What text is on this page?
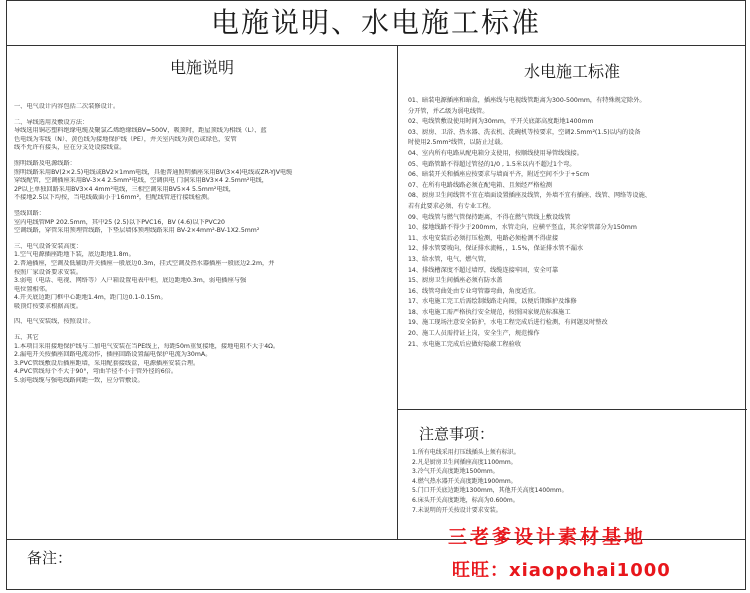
电施说明、水电施工标准
电施说明	水电施工标准
注意事项：
备注：
一、电气设计内容包括二次装修设计。
二、导线选用及敷设方法：
导线选用铜芯塑料绝缘电缆及聚氯乙烯绝缘线BV=500V，吸顶时，距屋顶线为相线（L）、蓝
色电线为零线（N）、黄色线为接地保护线（PE），并关室内线为黄色或绿色，安管
线不允许有接头，应在分支处设接线盒。
照明线路及电源线路：
照明线路采用BV(2×2.5)电线或BV2×1mm电线，具他普通照明插座采用BV(3×4)电线或ZR-YJV电缆
穿线配管，空调插座采用BV-3×4 2.5mm²电线，空调供电 门洞采用BV3×4 2.5mm²电线，
2P以上单独回路采用BV3×4 4mm²电线，三相空调采用BV5×4 5.5mm²电线，
不接地2.5以下均按，当电线截面小于16mm²，但配线管进行接线检测。
竖线回路：
室内电线管MP 202.5mm，其中25 (2.5)以下PVC16，BV (4.6)以下PVC20
空调线路，穿管采用预埋管线路，下垫层墙体预埋线路采用 BV-2×4mm²-BV-1X2.5mm²
三、电气设备安装高度：
1.空气电源插座距地下装，底边距地1.8m。
2.普通插座，空调及低辅助开关插座一般底边0.3m，挂式空调及热水器插座一般底边2.2m，并
按照厂家设备要求安装。
3.弱电（电话、电视、网络等）入户箱设置电表中柜，底边距地0.3m，弱电插座与强
电位置相邻。
4.开关底边距门框中心距地1.4m，距门边0.1-0.15m。
吸顶灯按要求根据高度。
四、电气安装线，按照设计。
五、其它
1.本项目采用接地保护线与二加电气安装在当PE线上，每距50m重复接地，接地电阻不大于4Ω。
2.漏电开关按插座回路电流动作，插座回路设置漏电保护电流为30mA。
3.PVC管线敷设后插座距墙，采用配套接线盒，电源插座安装合理。
4.PVC管线每个不大于90°，弯曲半径不小于管外径的6倍。
5.弱电线缆与强电线路间距一致，应分管敷设。
01、暗装电源插座和暗盒，插座线与电视线管距离为300-500mm，有特殊规定除外。
分开管，并乙级为弱电线管。
02、电线管敷设使用时间为30mm，平开关底部高度距地1400mm
03、厨房、卫浴、热水器、洗衣机、洗碗机等按要求，空调2.5mm²(1.5)以内的设备
时使用2.5mm²线管，以防止过载。
04、室内所有电路从配电箱分支使用，按顺线使用导管线线接。
05、电路管路不得超过管径的1/0 , 1.5米以内不超过1个弯。
06、暗装开关和插座应按要求与墙面平齐，附近空间不少于+5cm
07、在所有电路线路必须在配电箱、且须经严格检测
08、厨房卫生间线管不宜在墙面设置插座及线管，外墙不宜有插座、线管、网络等设施、
若有此要求必须、有专业工程。
09、电线管与燃气管保持距离，不得在燃气管线上敷设线管
10、接地线路不得少于200mm，水管走向，应横平竖直，其余穿管部分为150mm
11、水电安装后必须打压检测，电路必须检测不得虚接
12、排水管要坡向，保证排水流畅，，1.5%，保证排水管不漏水
13、给水管，电气，燃气管，
14、排线槽深度不超过墙厚，线缆连接牢固，安全可靠
15、厨房卫生间插座必须有防水盖
16、线管弯曲处由专业弯管器弯曲，角度适宜。
17、水电施工完工后需绘制线路走向图，以便后期维护及维修
18、水电施工需严格执行安全规范，按照国家规范标准施工
19、施工现场注意安全防护，水电工程完成后进行检测，有问题及时整改
20、施工人员需持证上岗，安全生产，规范操作
21、水电施工完成后应做好隐蔽工程验收
1.所有电线采用打压线插头上须有标识。
2.凡是厨房卫生间插座高度1100mm。
3.冷气开关高度距地1500mm。
4.燃气热水器开关高度距地1900mm。
5.门口开关底边距地1300mm，其他开关高度1400mm。
6.床头开关高度距地，标高为0.600m。
7.未说明的开关按设计要求安装。
三老爹设计素材基地
旺旺：xiaopohai1000
